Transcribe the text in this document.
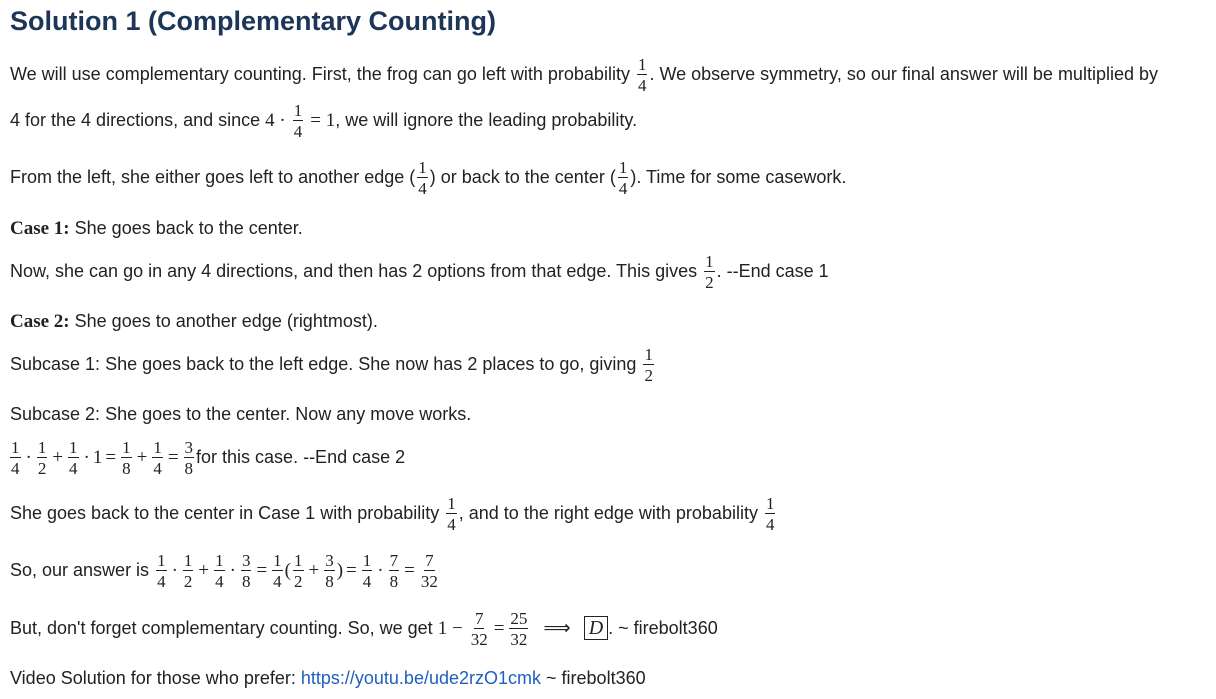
Solution 1 (Complementary Counting)
We will use complementary counting. First, the frog can go left with probability $\frac{1}{4}$ . We observe symmetry, so our final answer will be multiplied by
4 for the 4 directions, and since $4 \cdot \frac{1}{4} = 1$, we will ignore the leading probability.
From the left, she either goes left to another edge ( $\frac{1}{4}$ ) or back to the center ( $\frac{1}{4}$ ). Time for some casework.
Case 1: She goes back to the center.
Now, she can go in any 4 directions, and then has 2 options from that edge. This gives $\frac{1}{2}$ . --End case 1
Case 2: She goes to another edge (rightmost).
Subcase 1: She goes back to the left edge. She now has 2 places to go, giving $\frac{1}{2}$
Subcase 2: She goes to the center. Now any move works.
$\frac{1}{4} \cdot \frac{1}{2} + \frac{1}{4} \cdot 1 = \frac{1}{8} + \frac{1}{4} = \frac{3}{8}$ for this case. --End case 2
She goes back to the center in Case 1 with probability $\frac{1}{4}$ , and to the right edge with probability $\frac{1}{4}$
So, our answer is $\frac{1}{4} \cdot \frac{1}{2} + \frac{1}{4} \cdot \frac{3}{8} = \frac{1}{4}$ ( $\frac{1}{2} + \frac{3}{8}$ ) = $\frac{1}{4} \cdot \frac{7}{8} = \frac{7}{32}$
But, don't forget complementary counting. So, we get $1 - \frac{7}{32} = \frac{25}{32}$ ⟹ D . ~ firebolt360
Video Solution for those who prefer: https://youtu.be/ude2rzO1cmk ~ firebolt360
